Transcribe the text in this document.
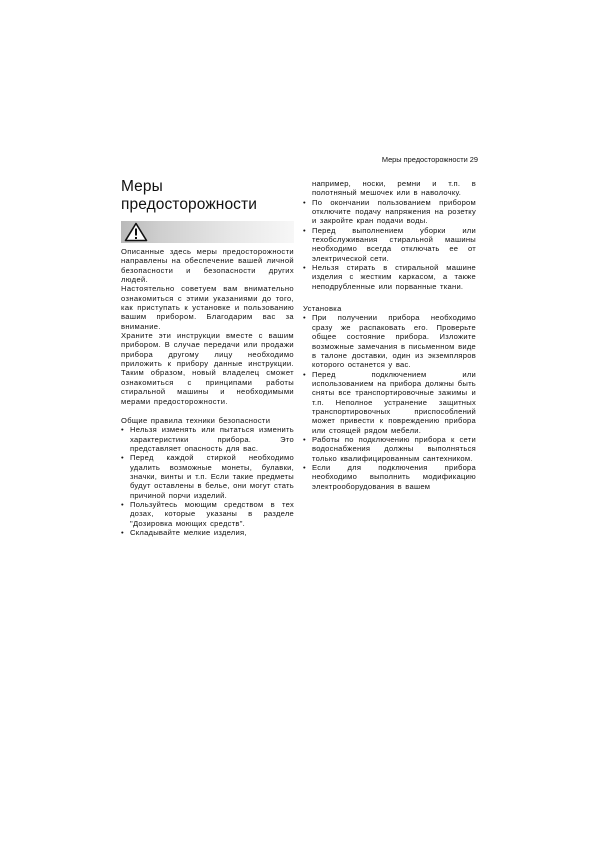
Меры предосторожности 29
Меры
предосторожности

Описанные здесь меры предосторожности направлены на обеспечение вашей личной безопасности и безопасности других людей.

Настоятельно советуем вам внимательно ознакомиться с этими указаниями до того, как приступать к установке и пользованию вашим прибором. Благодарим вас за внимание.

Храните эти инструкции вместе с вашим прибором. В случае передачи или продажи прибора другому лицу необходимо приложить к прибору данные инструкции. Таким образом, новый владелец сможет ознакомиться с принципами работы стиральной машины и необходимыми мерами предосторожности.

Общие правила техники безопасности

• Нельзя изменять или пытаться изменить характеристики прибора. Это представляет опасность для вас.
• Перед каждой стиркой необходимо удалить возможные монеты, булавки, значки, винты и т.п. Если такие предметы будут оставлены в белье, они могут стать причиной порчи изделий.
• Пользуйтесь моющим средством в тех дозах, которые указаны в разделе "Дозировка моющих средств".
• Складывайте мелкие изделия,
например, носки, ремни и т.п. в полотняный мешочек или в наволочку.
• По окончании пользованием прибором отключите подачу напряжения на розетку и закройте кран подачи воды.
• Перед выполнением уборки или техобслуживания стиральной машины необходимо всегда отключать ее от электрической сети.
• Нельзя стирать в стиральной машине изделия с жестким каркасом, а также неподрубленные или порванные ткани.

Установка

• При получении прибора необходимо сразу же распаковать его. Проверьте общее состояние прибора. Изложите возможные замечания в письменном виде в талоне доставки, один из экземпляров которого останется у вас.
• Перед подключением или использованием на прибора должны быть сняты все транспортировочные зажимы и т.п. Неполное устранение защитных транспортировочных приспособлений может привести к повреждению прибора или стоящей рядом мебели.
• Работы по подключению прибора к сети водоснабжения должны выполняться только квалифицированным сантехником.
• Если для подключения прибора необходимо выполнить модификацию электрооборудования в вашем
